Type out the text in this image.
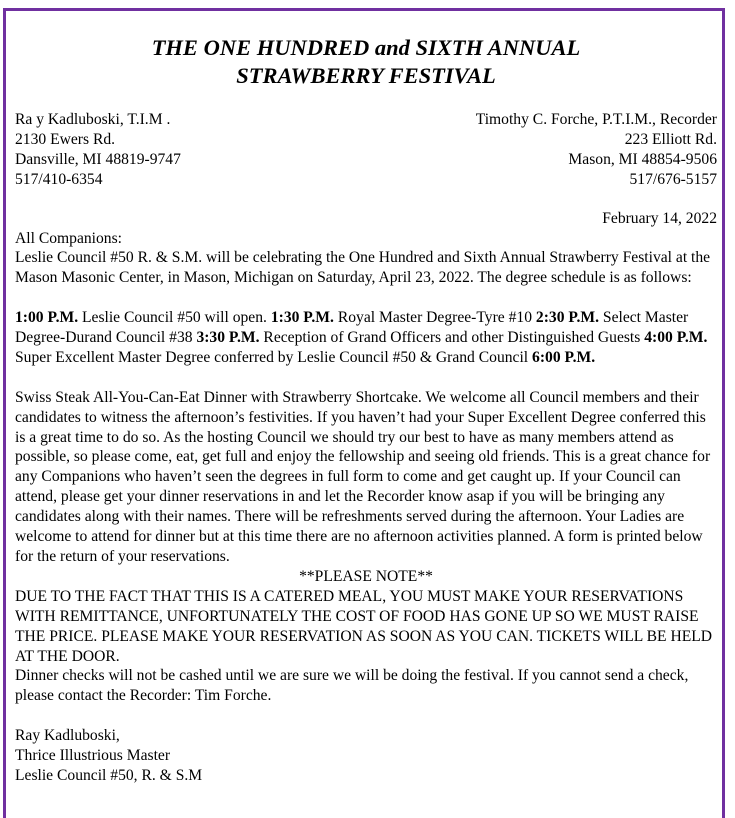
THE ONE HUNDRED and SIXTH ANNUAL
STRAWBERRY FESTIVAL
Ra y Kadluboski, T.I.M .
2130 Ewers Rd.
Dansville, MI 48819-9747
517/410-6354
Timothy C. Forche, P.T.I.M., Recorder
223 Elliott Rd.
Mason, MI 48854-9506
517/676-5157
February 14, 2022

All Companions:

Leslie Council #50 R. & S.M. will be celebrating the One Hundred and Sixth Annual Strawberry Festival at the Mason Masonic Center, in Mason, Michigan on Saturday, April 23, 2022. The degree schedule is as follows:

1:00 P.M. Leslie Council #50 will open. 1:30 P.M. Royal Master Degree-Tyre #10 2:30 P.M. Select Master Degree-Durand Council #38 3:30 P.M. Reception of Grand Officers and other Distinguished Guests 4:00 P.M. Super Excellent Master Degree conferred by Leslie Council #50 & Grand Council 6:00 P.M.

Swiss Steak All-You-Can-Eat Dinner with Strawberry Shortcake. We welcome all Council members and their candidates to witness the afternoon’s festivities. If you haven’t had your Super Excellent Degree conferred this is a great time to do so. As the hosting Council we should try our best to have as many members attend as possible, so please come, eat, get full and enjoy the fellowship and seeing old friends. This is a great chance for any Companions who haven’t seen the degrees in full form to come and get caught up. If your Council can attend, please get your dinner reservations in and let the Recorder know asap if you will be bringing any candidates along with their names. There will be refreshments served during the afternoon. Your Ladies are welcome to attend for dinner but at this time there are no afternoon activities planned. A form is printed below for the return of your reservations.

**PLEASE NOTE**

DUE TO THE FACT THAT THIS IS A CATERED MEAL, YOU MUST MAKE YOUR RESERVATIONS WITH REMITTANCE, UNFORTUNATELY THE COST OF FOOD HAS GONE UP SO WE MUST RAISE THE PRICE. PLEASE MAKE YOUR RESERVATION AS SOON AS YOU CAN. TICKETS WILL BE HELD AT THE DOOR.

Dinner checks will not be cashed until we are sure we will be doing the festival. If you cannot send a check, please contact the Recorder: Tim Forche.

Ray Kadluboski,
Thrice Illustrious Master
Leslie Council #50, R. & S.M
